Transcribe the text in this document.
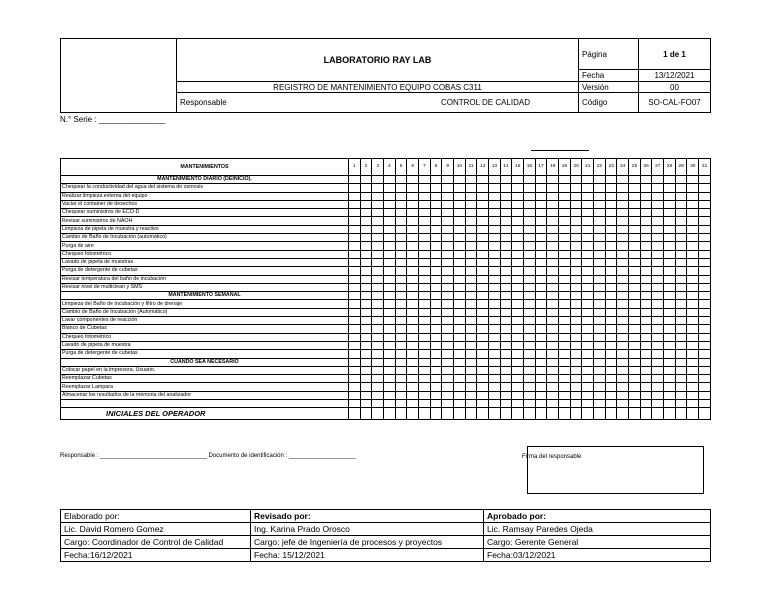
	LABORATORIO RAY LAB	Página	1 de 1
		Fecha	13/12/2021
	REGISTRO DE MANTENIMIENTO EQUIPO COBAS C311	Versión	00

	Responsable CONTROL DE CALIDAD	Código	SO-CAL-FO07
N.° Serie : _______________
MANTENIMIENTOS	1	2	3	4	5	6	7	8	9	10	11	12	13	14	15	16	17	18	19	20	21	22	23	24	25	26	27	28	29	30	31
MANTENIMIENTO DIARIO (DEINICIO).																															
Chequear la conductividad del agua del sistema de osmosis																															
Realizar limpieza externa del equipo																															
Vaciar el container de desechos																															
Chequear suministros de ECO-D																															
Revisar suministros de NAOH																															
Limpieza de pipeta de muestra y reactivo																															
Cambio de Baño de Incubación (automático)																															
Purga de aire																															
Chequeo fotométrico																															
Lavado de pipeta de muestras																															
Purga de detergente de cubetas																															
Revisar temperatura del baño de incubación																															
Revisar nivel de multiclean y SMS																															
MANTENIMIENTO SEMANAL																															
Limpieza del Baño de Incubación y filtro de drenaje																															
Cambio de Baño de Incubación (Automático)																															
Lavar componentes de reacción																															
Blanco de Cubetas																															
Chequeo fotométrico																															
Lavado de pipeta de muestra																															
Purga de detergente de cubetas																															
CUANDO SEA NECESARIO																															
Colocar papel en la impresora. Usuario.																															
Reemplazar Cubetas																															
Reemplazar Lampara																															
Almacenar los resultados de la memoria del analizador																															

INICIALES DEL OPERADOR																															
Responsable : ________________________________ Documento de identificación : ____________________	Firma del responsable
Elaborado por:	Revisado por:	Aprobado por:
Lic. David Romero Gomez	Ing. Karina Prado Orosco	Lic. Ramsay Paredes Ojeda
Cargo: Coordinador de Control de Calidad	Cargo: jefe de Ingeniería de procesos y proyectos	Cargo: Gerente General
Fecha:16/12/2021	Fecha: 15/12/2021	Fecha:03/12/2021
